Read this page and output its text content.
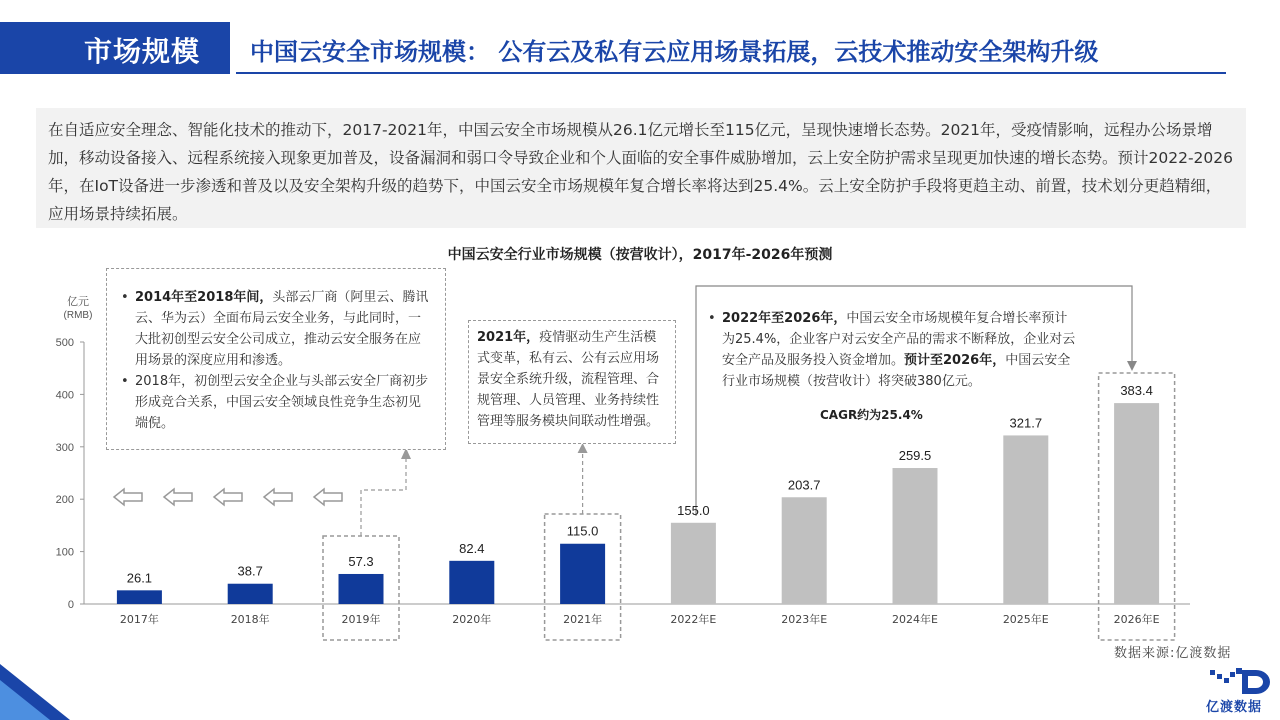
市场规模 中国云安全市场规模： 公有云及私有云应用场景拓展，云技术推动安全架构升级
在自适应安全理念、智能化技术的推动下，2017-2021年，中国云安全市场规模从26.1亿元增长至115亿元，呈现快速增长态势。2021年，受疫情影响，远程办公场景增加，移动设备接入、远程系统接入现象更加普及，设备漏洞和弱口令导致企业和个人面临的安全事件威胁增加，云上安全防护需求呈现更加快速的增长态势。预计2022-2026年，在IoT设备进一步渗透和普及以及安全架构升级的趋势下，中国云安全市场规模年复合增长率将达到25.4%。云上安全防护手段将更趋主动、前置，技术划分更趋精细，应用场景持续拓展。
中国云安全行业市场规模（按营收计），2017年-2026年预测
亿元
(RMB)
0
100
200
300
400
500
26.1
2017年
38.7
2018年
57.3
2019年
82.4
2020年
115.0
2021年
155.0
2022年E
203.7
2023年E
259.5
2024年E
321.7
2025年E
383.4
2026年E
• 2014年至2018年间，头部云厂商（阿里云、腾讯云、华为云）全面布局云安全业务，与此同时，一大批初创型云安全公司成立，推动云安全服务在应用场景的深度应用和渗透。
• 2018年，初创型云安全企业与头部云安全厂商初步形成竞合关系，中国云安全领域良性竞争生态初见端倪。
2021年，疫情驱动生产生活模式变革，私有云、公有云应用场景安全系统升级，流程管理、合规管理、人员管理、业务持续性管理等服务模块间联动性增强。
• 2022年至2026年，中国云安全市场规模年复合增长率预计为25.4%，企业客户对云安全产品的需求不断释放，企业对云安全产品及服务投入资金增加。预计至2026年，中国云安全行业市场规模（按营收计）将突破380亿元。
CAGR约为25.4%
数据来源:亿渡数据
亿渡数据
